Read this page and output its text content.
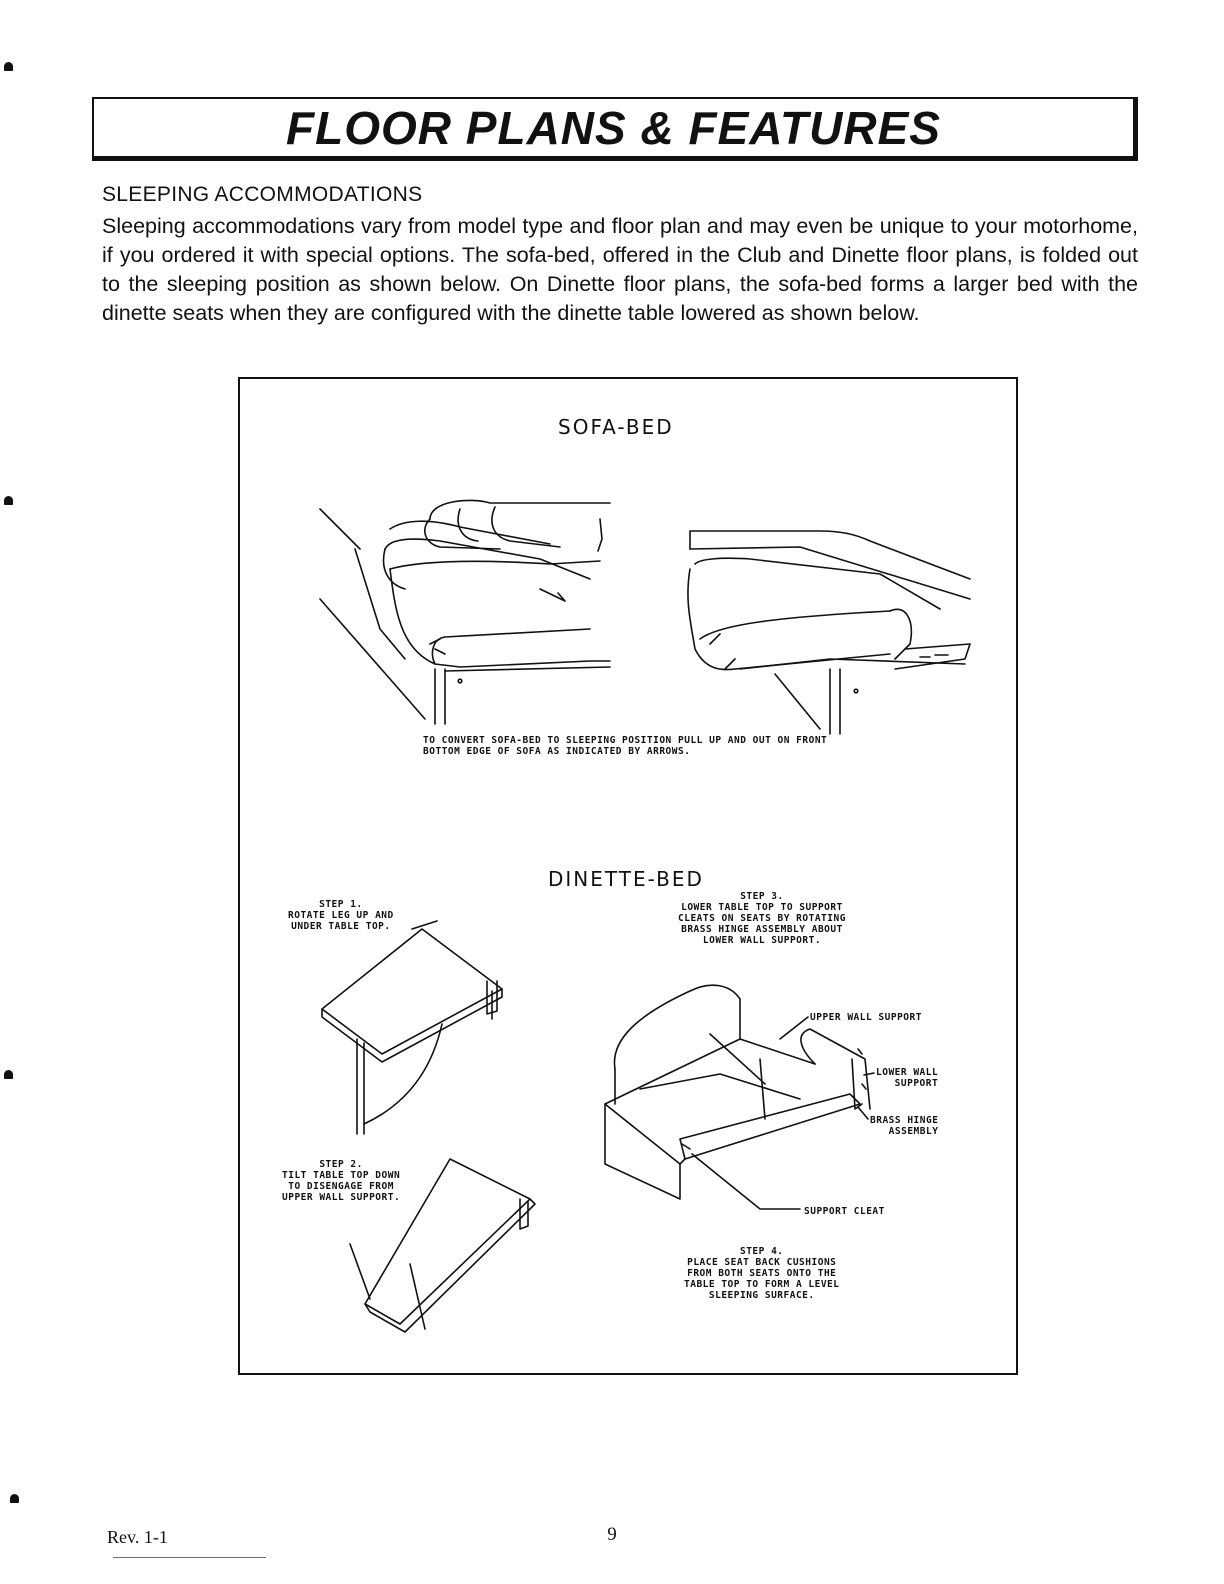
FLOOR PLANS & FEATURES
SLEEPING ACCOMMODATIONS
Sleeping accommodations vary from model type and floor plan and may even be unique to your motorhome, if you ordered it with special options. The sofa-bed, offered in the Club and Dinette floor plans, is folded out to the sleeping position as shown below. On Dinette floor plans, the sofa-bed forms a larger bed with the dinette seats when they are configured with the dinette table lowered as shown below.
SOFA-BED
TO CONVERT SOFA-BED TO SLEEPING POSITION PULL UP AND OUT ON FRONT
BOTTOM EDGE OF SOFA AS INDICATED BY ARROWS.
DINETTE-BED
STEP 1.
ROTATE LEG UP AND
UNDER TABLE TOP.
STEP 2.
TILT TABLE TOP DOWN
TO DISENGAGE FROM
UPPER WALL SUPPORT.
STEP 3.
LOWER TABLE TOP TO SUPPORT
CLEATS ON SEATS BY ROTATING
BRASS HINGE ASSEMBLY ABOUT
LOWER WALL SUPPORT.
UPPER WALL SUPPORT
LOWER WALL
SUPPORT
BRASS HINGE
ASSEMBLY
SUPPORT CLEAT
STEP 4.
PLACE SEAT BACK CUSHIONS
FROM BOTH SEATS ONTO THE
TABLE TOP TO FORM A LEVEL
SLEEPING SURFACE.
Rev. 1-1	9
